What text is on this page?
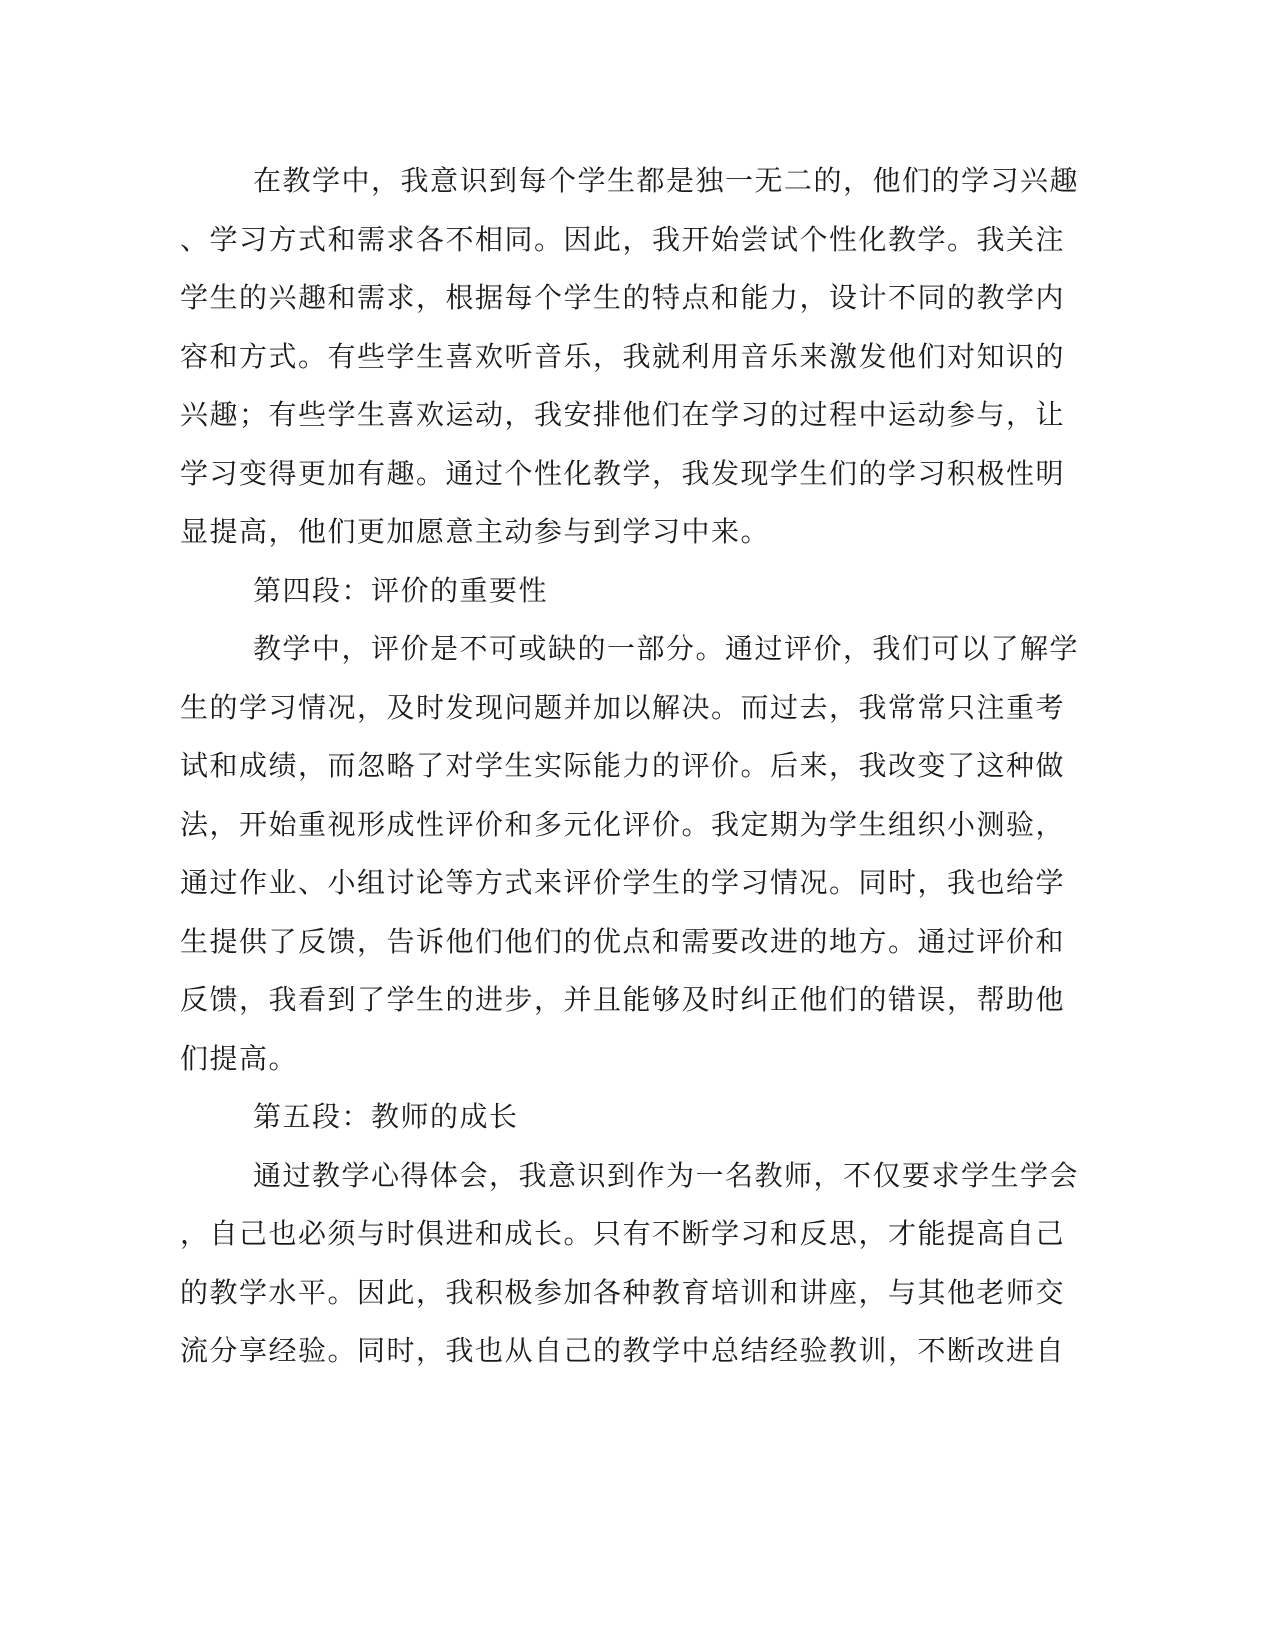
在教学中，我意识到每个学生都是独一无二的，他们的学习兴趣

、学习方式和需求各不相同。因此，我开始尝试个性化教学。我关注

学生的兴趣和需求，根据每个学生的特点和能力，设计不同的教学内

容和方式。有些学生喜欢听音乐，我就利用音乐来激发他们对知识的

兴趣；有些学生喜欢运动，我安排他们在学习的过程中运动参与，让

学习变得更加有趣。通过个性化教学，我发现学生们的学习积极性明

显提高，他们更加愿意主动参与到学习中来。

第四段：评价的重要性

教学中，评价是不可或缺的一部分。通过评价，我们可以了解学

生的学习情况，及时发现问题并加以解决。而过去，我常常只注重考

试和成绩，而忽略了对学生实际能力的评价。后来，我改变了这种做

法，开始重视形成性评价和多元化评价。我定期为学生组织小测验，

通过作业、小组讨论等方式来评价学生的学习情况。同时，我也给学

生提供了反馈，告诉他们他们的优点和需要改进的地方。通过评价和

反馈，我看到了学生的进步，并且能够及时纠正他们的错误，帮助他

们提高。

第五段：教师的成长

通过教学心得体会，我意识到作为一名教师，不仅要求学生学会

，自己也必须与时俱进和成长。只有不断学习和反思，才能提高自己

的教学水平。因此，我积极参加各种教育培训和讲座，与其他老师交

流分享经验。同时，我也从自己的教学中总结经验教训，不断改进自
